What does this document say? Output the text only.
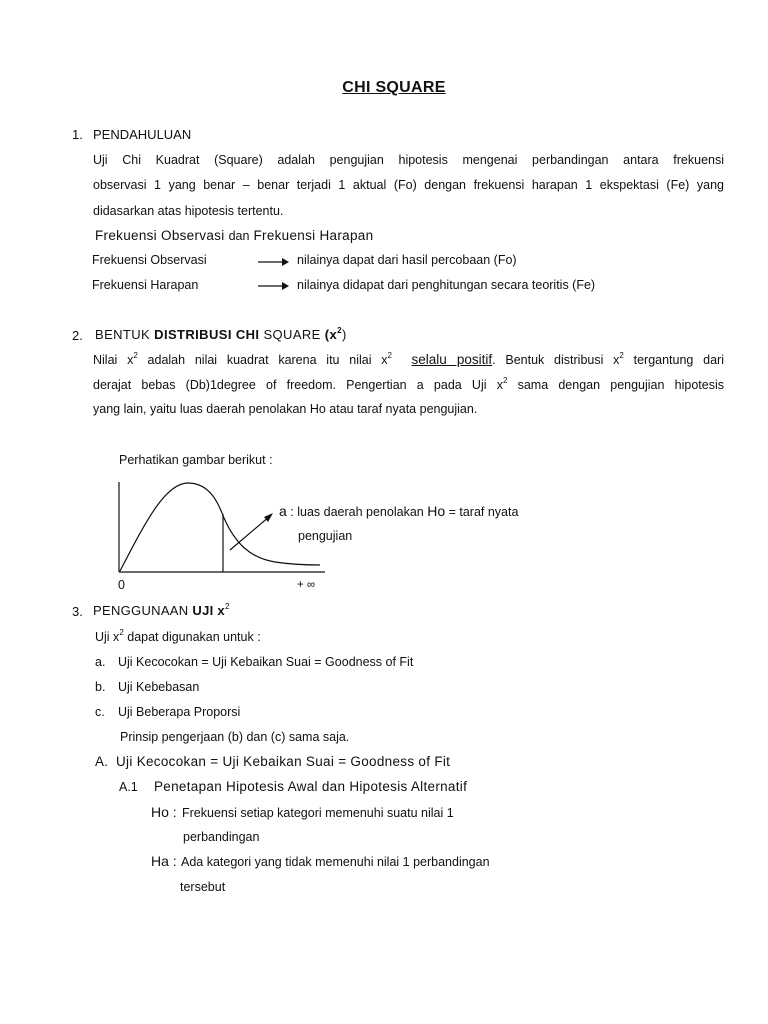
CHI SQUARE
1. PENDAHULUAN
Uji Chi Kuadrat (Square) adalah pengujian hipotesis mengenai perbandingan antara frekuensi
observasi 1 yang benar – benar terjadi 1 aktual (Fo) dengan frekuensi harapan 1 ekspektasi (Fe) yang
didasarkan atas hipotesis tertentu.
Frekuensi Observasi dan Frekuensi Harapan
Frekuensi Observasi	nilainya dapat dari hasil percobaan (Fo)
Frekuensi Harapan	nilainya didapat dari penghitungan secara teoritis (Fe)
2. BENTUK DISTRIBUSI CHI SQUARE $(x^2)$
Nilai $x^2$ adalah nilai kuadrat karena itu nilai $x^2$ selalu positif. Bentuk distribusi $x^2$ tergantung dari
derajat bebas (Db)1degree of freedom. Pengertian a pada Uji $x^2$ sama dengan pengujian hipotesis
yang lain, yaitu luas daerah penolakan Ho atau taraf nyata pengujian.
Perhatikan gambar berikut :
a : luas daerah penolakan Ho = taraf nyata
pengujian
0	+ ∞
3. PENGGUNAAN UJI $x^2$
Uji $x^2$ dapat digunakan untuk :
a. Uji Kecocokan = Uji Kebaikan Suai = Goodness of Fit
b. Uji Kebebasan
c. Uji Beberapa Proporsi
Prinsip pengerjaan (b) dan (c) sama saja.
A. Uji Kecocokan = Uji Kebaikan Suai = Goodness of Fit
A.1 Penetapan Hipotesis Awal dan Hipotesis Alternatif
Ho : Frekuensi setiap kategori memenuhi suatu nilai 1
perbandingan
Ha : Ada kategori yang tidak memenuhi nilai 1 perbandingan
tersebut
